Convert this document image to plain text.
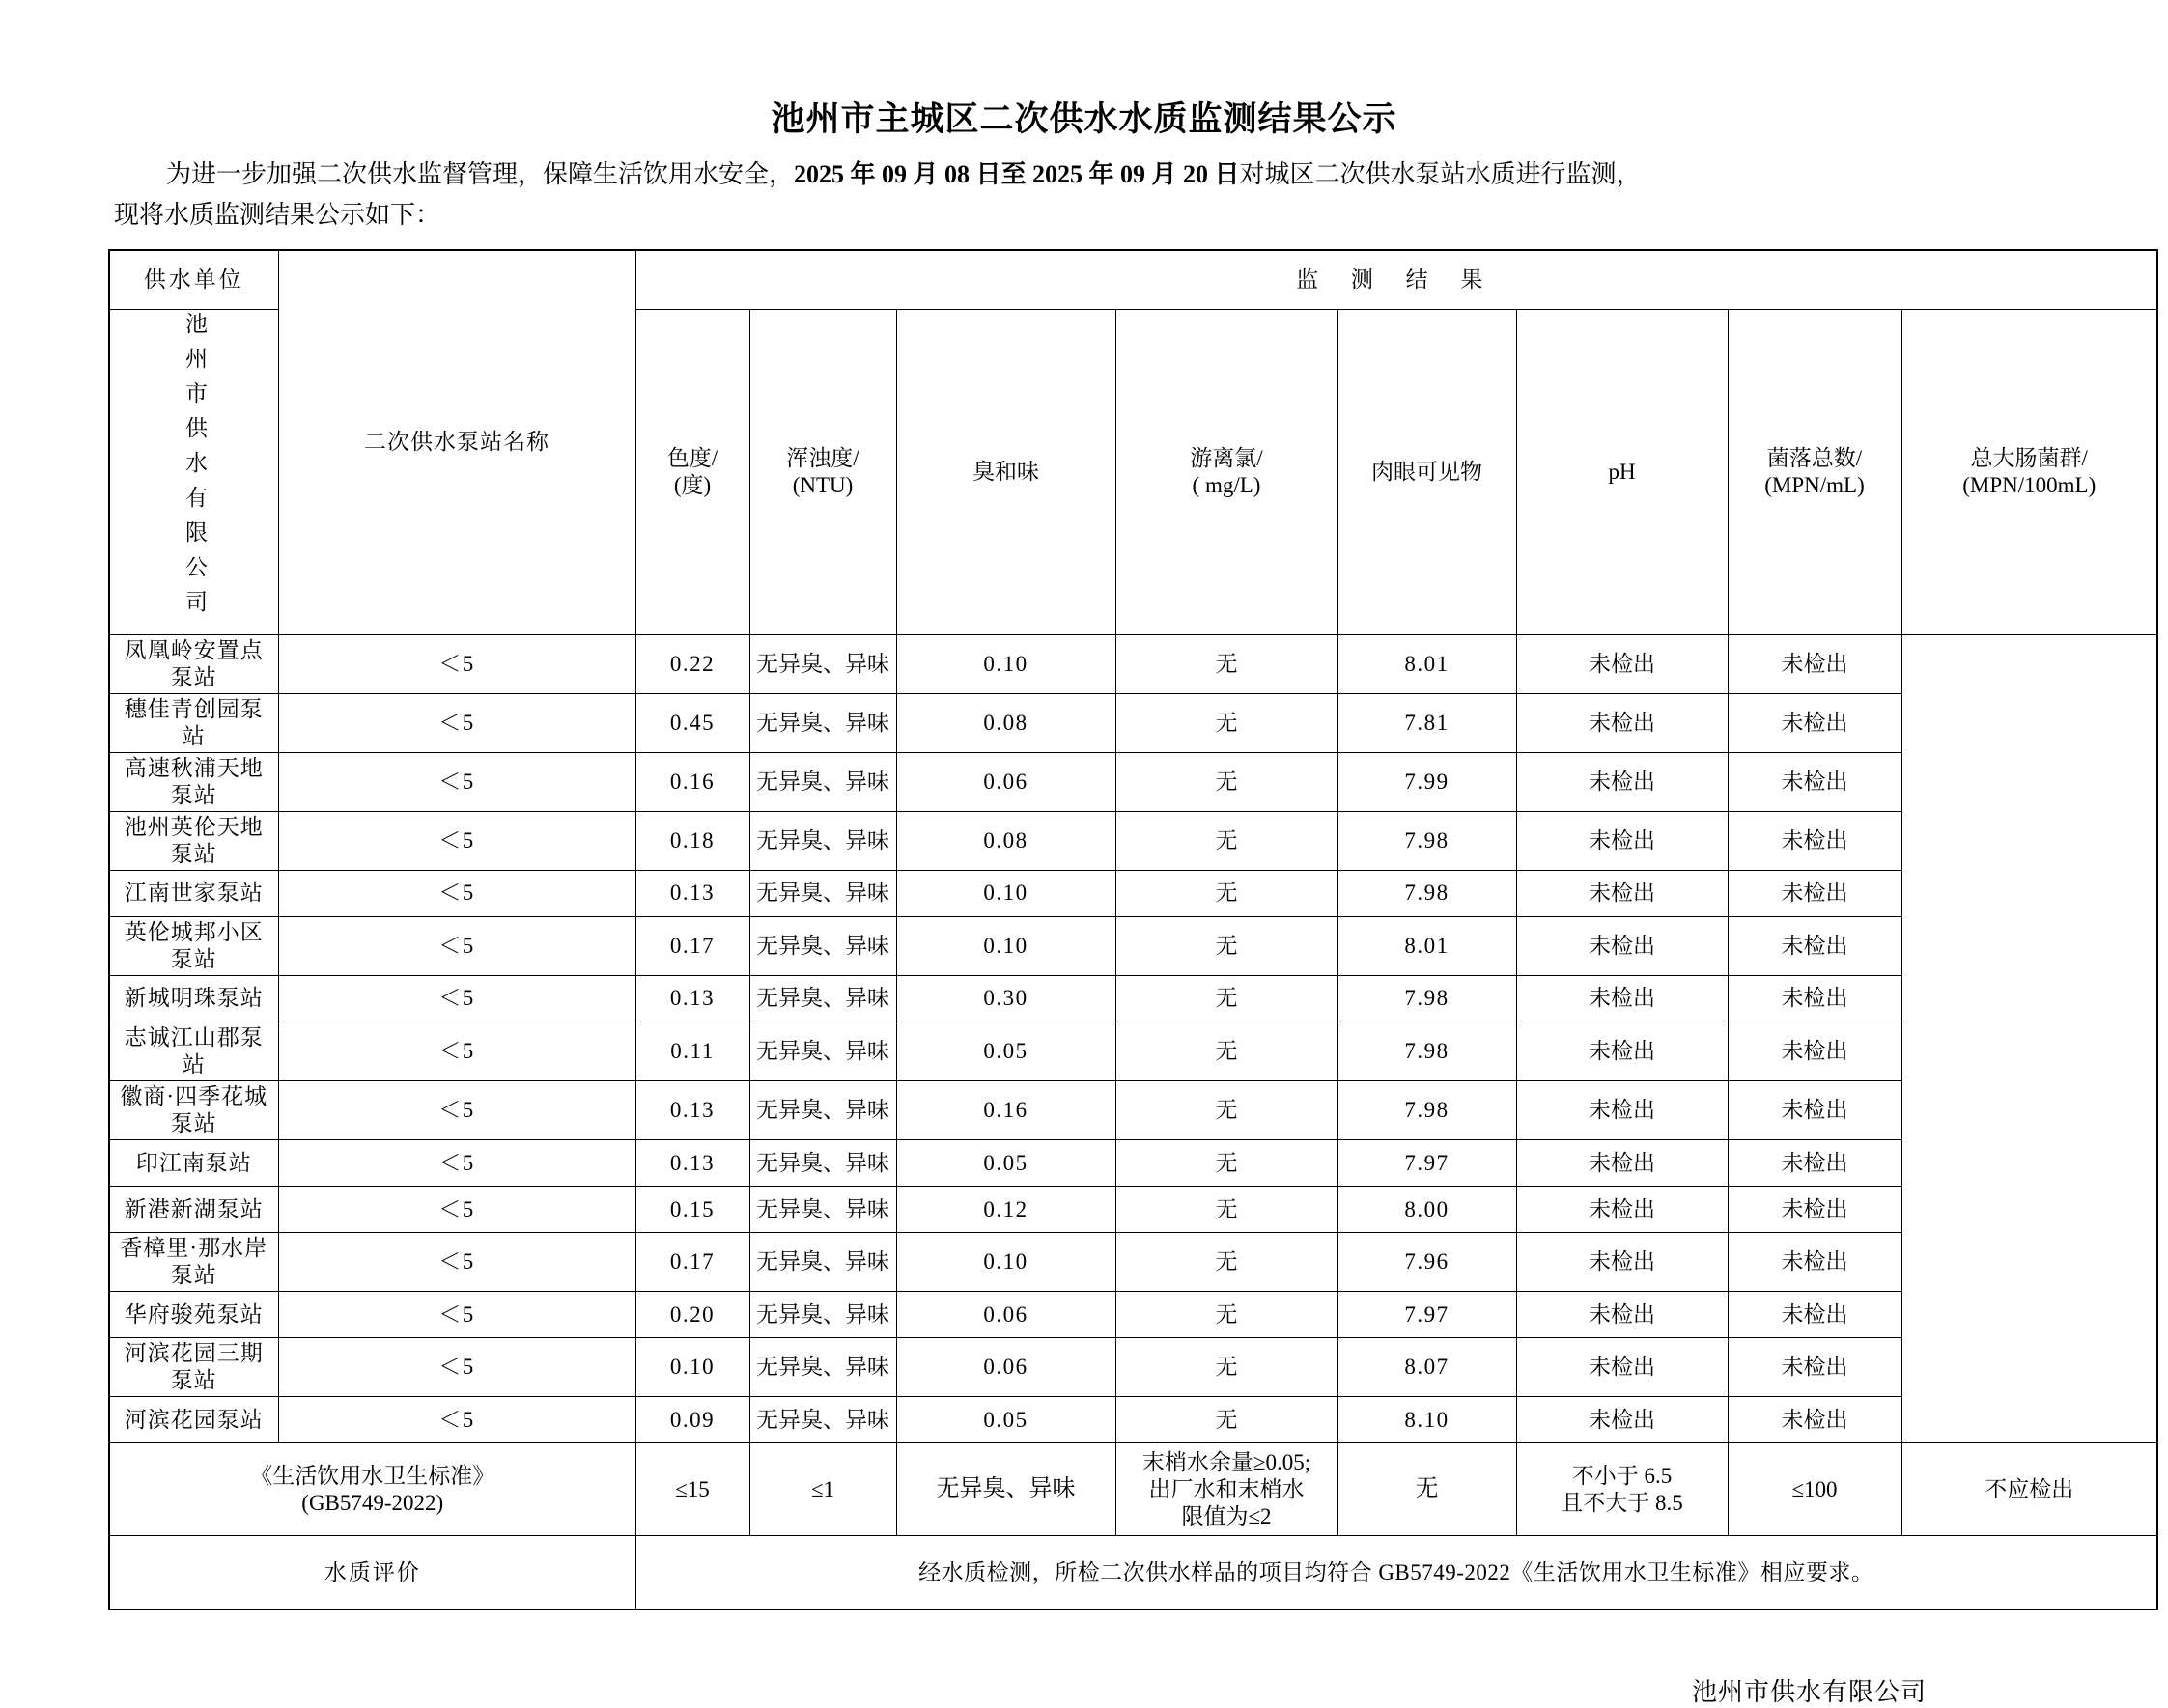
池州市主城区二次供水水质监测结果公示

为进一步加强二次供水监督管理，保障生活饮用水安全，2025 年 09 月 08 日至 2025 年 09 月 20 日对城区二次供水泵站水质进行监测，
现将水质监测结果公示如下：

供水单位	二次供水泵站名称	监 测 结 果							
池州市供水有限公司		色度/
(度)	浑浊度/
(NTU)	臭和味	游离氯/
( mg/L)	肉眼可见物	pH	菌落总数/
(MPN/mL)	总大肠菌群/
(MPN/100mL)

凤凰岭安置点泵站	＜5	0.22	无异臭、异味	0.10	无	8.01	未检出	未检出	
穗佳青创园泵站	＜5	0.45	无异臭、异味	0.08	无	7.81	未检出	未检出	
高速秋浦天地泵站	＜5	0.16	无异臭、异味	0.06	无	7.99	未检出	未检出	
池州英伦天地泵站	＜5	0.18	无异臭、异味	0.08	无	7.98	未检出	未检出	
江南世家泵站	＜5	0.13	无异臭、异味	0.10	无	7.98	未检出	未检出	
英伦城邦小区泵站	＜5	0.17	无异臭、异味	0.10	无	8.01	未检出	未检出	
新城明珠泵站	＜5	0.13	无异臭、异味	0.30	无	7.98	未检出	未检出	
志诚江山郡泵站	＜5	0.11	无异臭、异味	0.05	无	7.98	未检出	未检出	
徽商·四季花城泵站	＜5	0.13	无异臭、异味	0.16	无	7.98	未检出	未检出	
印江南泵站	＜5	0.13	无异臭、异味	0.05	无	7.97	未检出	未检出	
新港新湖泵站	＜5	0.15	无异臭、异味	0.12	无	8.00	未检出	未检出	
香樟里·那水岸泵站	＜5	0.17	无异臭、异味	0.10	无	7.96	未检出	未检出	
华府骏苑泵站	＜5	0.20	无异臭、异味	0.06	无	7.97	未检出	未检出	
河滨花园三期泵站	＜5	0.10	无异臭、异味	0.06	无	8.07	未检出	未检出	
河滨花园泵站	＜5	0.09	无异臭、异味	0.05	无	8.10	未检出	未检出	
《生活饮用水卫生标准》
(GB5749-2022)		≤15	≤1	无异臭、异味	末梢水余量≥0.05;
出厂水和末梢水
限值为≤2	无	不小于 6.5
且不大于 8.5	≤100	不应检出
水质评价		经水质检测，所检二次供水样品的项目均符合 GB5749-2022《生活饮用水卫生标准》相应要求。							
池州市供水有限公司
